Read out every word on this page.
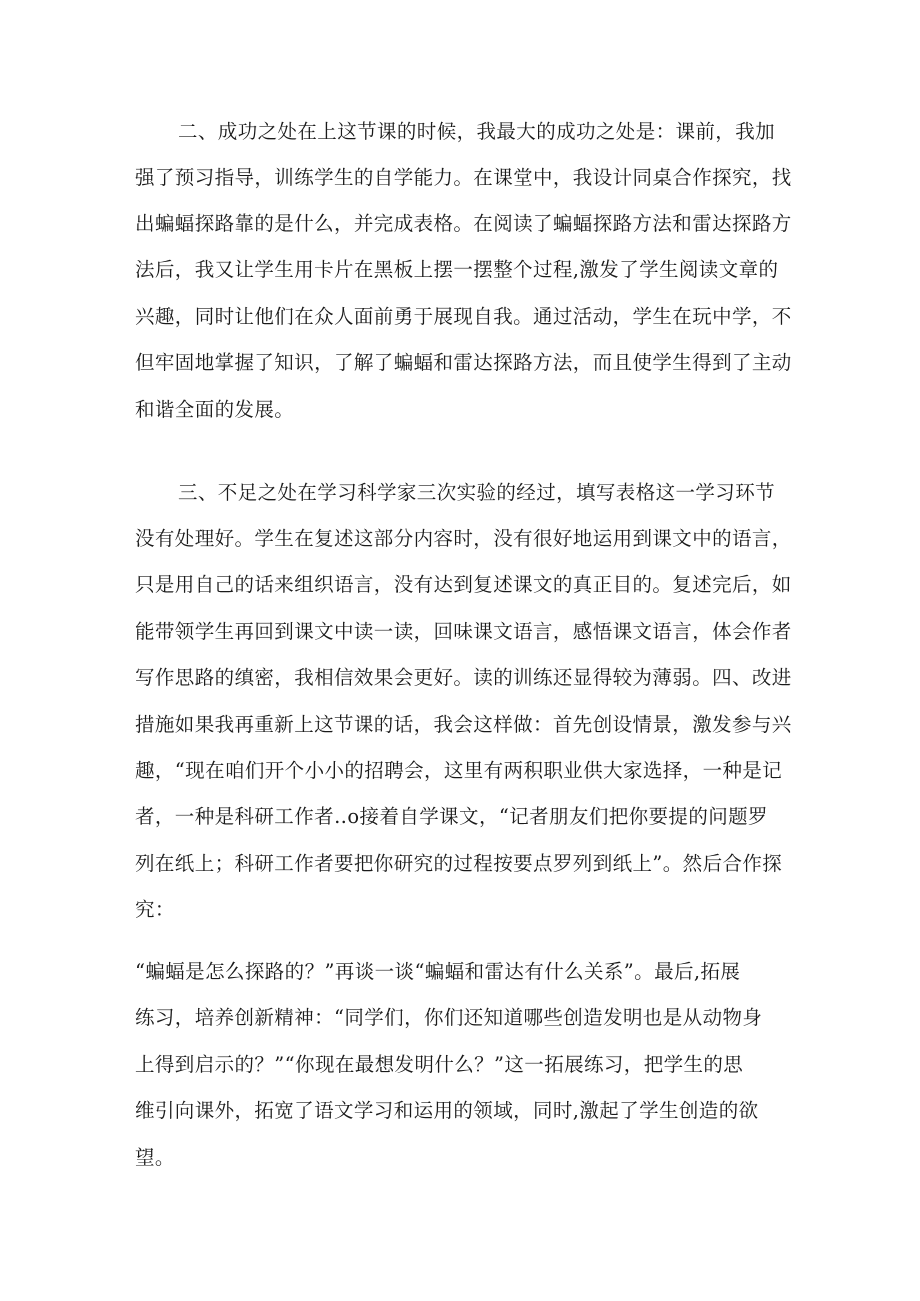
二、成功之处在上这节课的时候，我最大的成功之处是：课前，我加
强了预习指导，训练学生的自学能力。在课堂中，我设计同桌合作探究，找
出蝙蝠探路靠的是什么，并完成表格。在阅读了蝙蝠探路方法和雷达探路方
法后，我又让学生用卡片在黑板上摆一摆整个过程,激发了学生阅读文章的
兴趣，同时让他们在众人面前勇于展现自我。通过活动，学生在玩中学，不
但牢固地掌握了知识，了解了蝙蝠和雷达探路方法，而且使学生得到了主动
和谐全面的发展。
三、不足之处在学习科学家三次实验的经过，填写表格这一学习环节
没有处理好。学生在复述这部分内容时，没有很好地运用到课文中的语言，
只是用自己的话来组织语言，没有达到复述课文的真正目的。复述完后，如
能带领学生再回到课文中读一读，回味课文语言，感悟课文语言，体会作者
写作思路的缜密，我相信效果会更好。读的训练还显得较为薄弱。四、改进
措施如果我再重新上这节课的话，我会这样做：首先创设情景，激发参与兴
趣，“现在咱们开个小小的招聘会，这里有两积职业供大家选择，一种是记
者，一种是科研工作者‥o接着自学课文，“记者朋友们把你要提的问题罗
列在纸上；科研工作者要把你研究的过程按要点罗列到纸上”。然后合作探
究：
“蝙蝠是怎么探路的？”再谈一谈“蝙蝠和雷达有什么关系”。最后,拓展
练习，培养创新精神：“同学们，你们还知道哪些创造发明也是从动物身
上得到启示的？”“你现在最想发明什么？”这一拓展练习，把学生的思
维引向课外，拓宽了语文学习和运用的领域，同时,激起了学生创造的欲
望。
